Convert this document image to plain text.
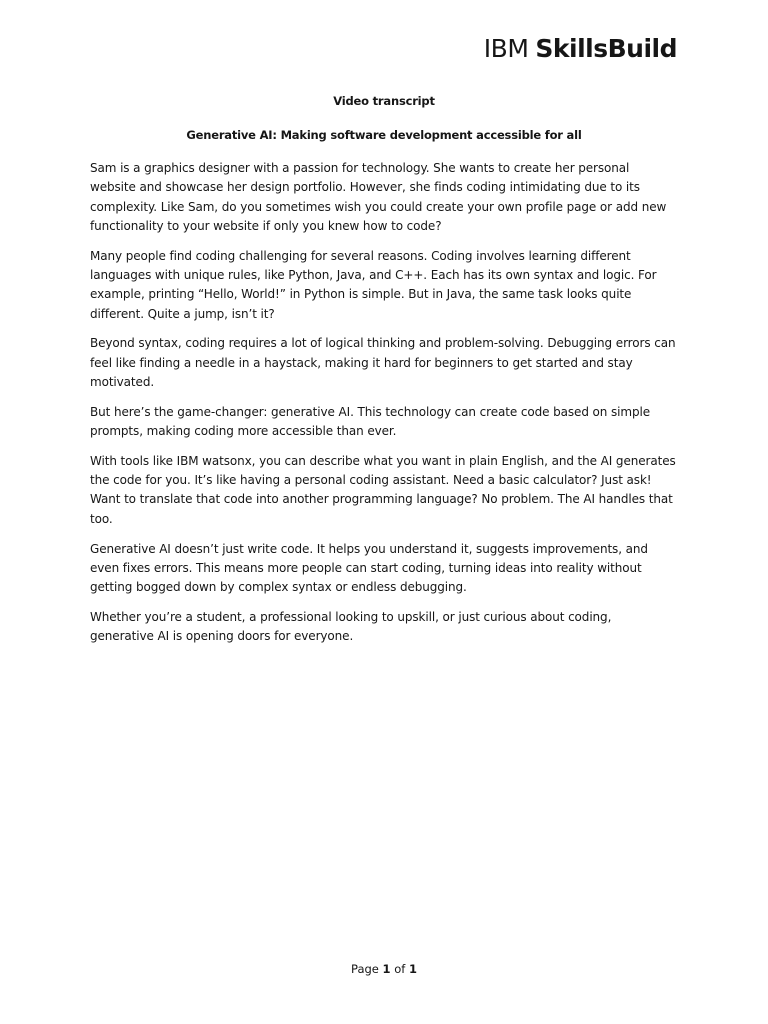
IBM SkillsBuild
Video transcript
Generative AI: Making software development accessible for all

Sam is a graphics designer with a passion for technology. She wants to create her personal website and showcase her design portfolio. However, she finds coding intimidating due to its complexity. Like Sam, do you sometimes wish you could create your own profile page or add new functionality to your website if only you knew how to code?

Many people find coding challenging for several reasons. Coding involves learning different languages with unique rules, like Python, Java, and C++. Each has its own syntax and logic. For example, printing “Hello, World!” in Python is simple. But in Java, the same task looks quite different. Quite a jump, isn’t it?

Beyond syntax, coding requires a lot of logical thinking and problem-solving. Debugging errors can feel like finding a needle in a haystack, making it hard for beginners to get started and stay motivated.

But here’s the game-changer: generative AI. This technology can create code based on simple prompts, making coding more accessible than ever.

With tools like IBM watsonx, you can describe what you want in plain English, and the AI generates the code for you. It’s like having a personal coding assistant. Need a basic calculator? Just ask! Want to translate that code into another programming language? No problem. The AI handles that too.

Generative AI doesn’t just write code. It helps you understand it, suggests improvements, and even fixes errors. This means more people can start coding, turning ideas into reality without getting bogged down by complex syntax or endless debugging.

Whether you’re a student, a professional looking to upskill, or just curious about coding, generative AI is opening doors for everyone.

Page 1 of 1
